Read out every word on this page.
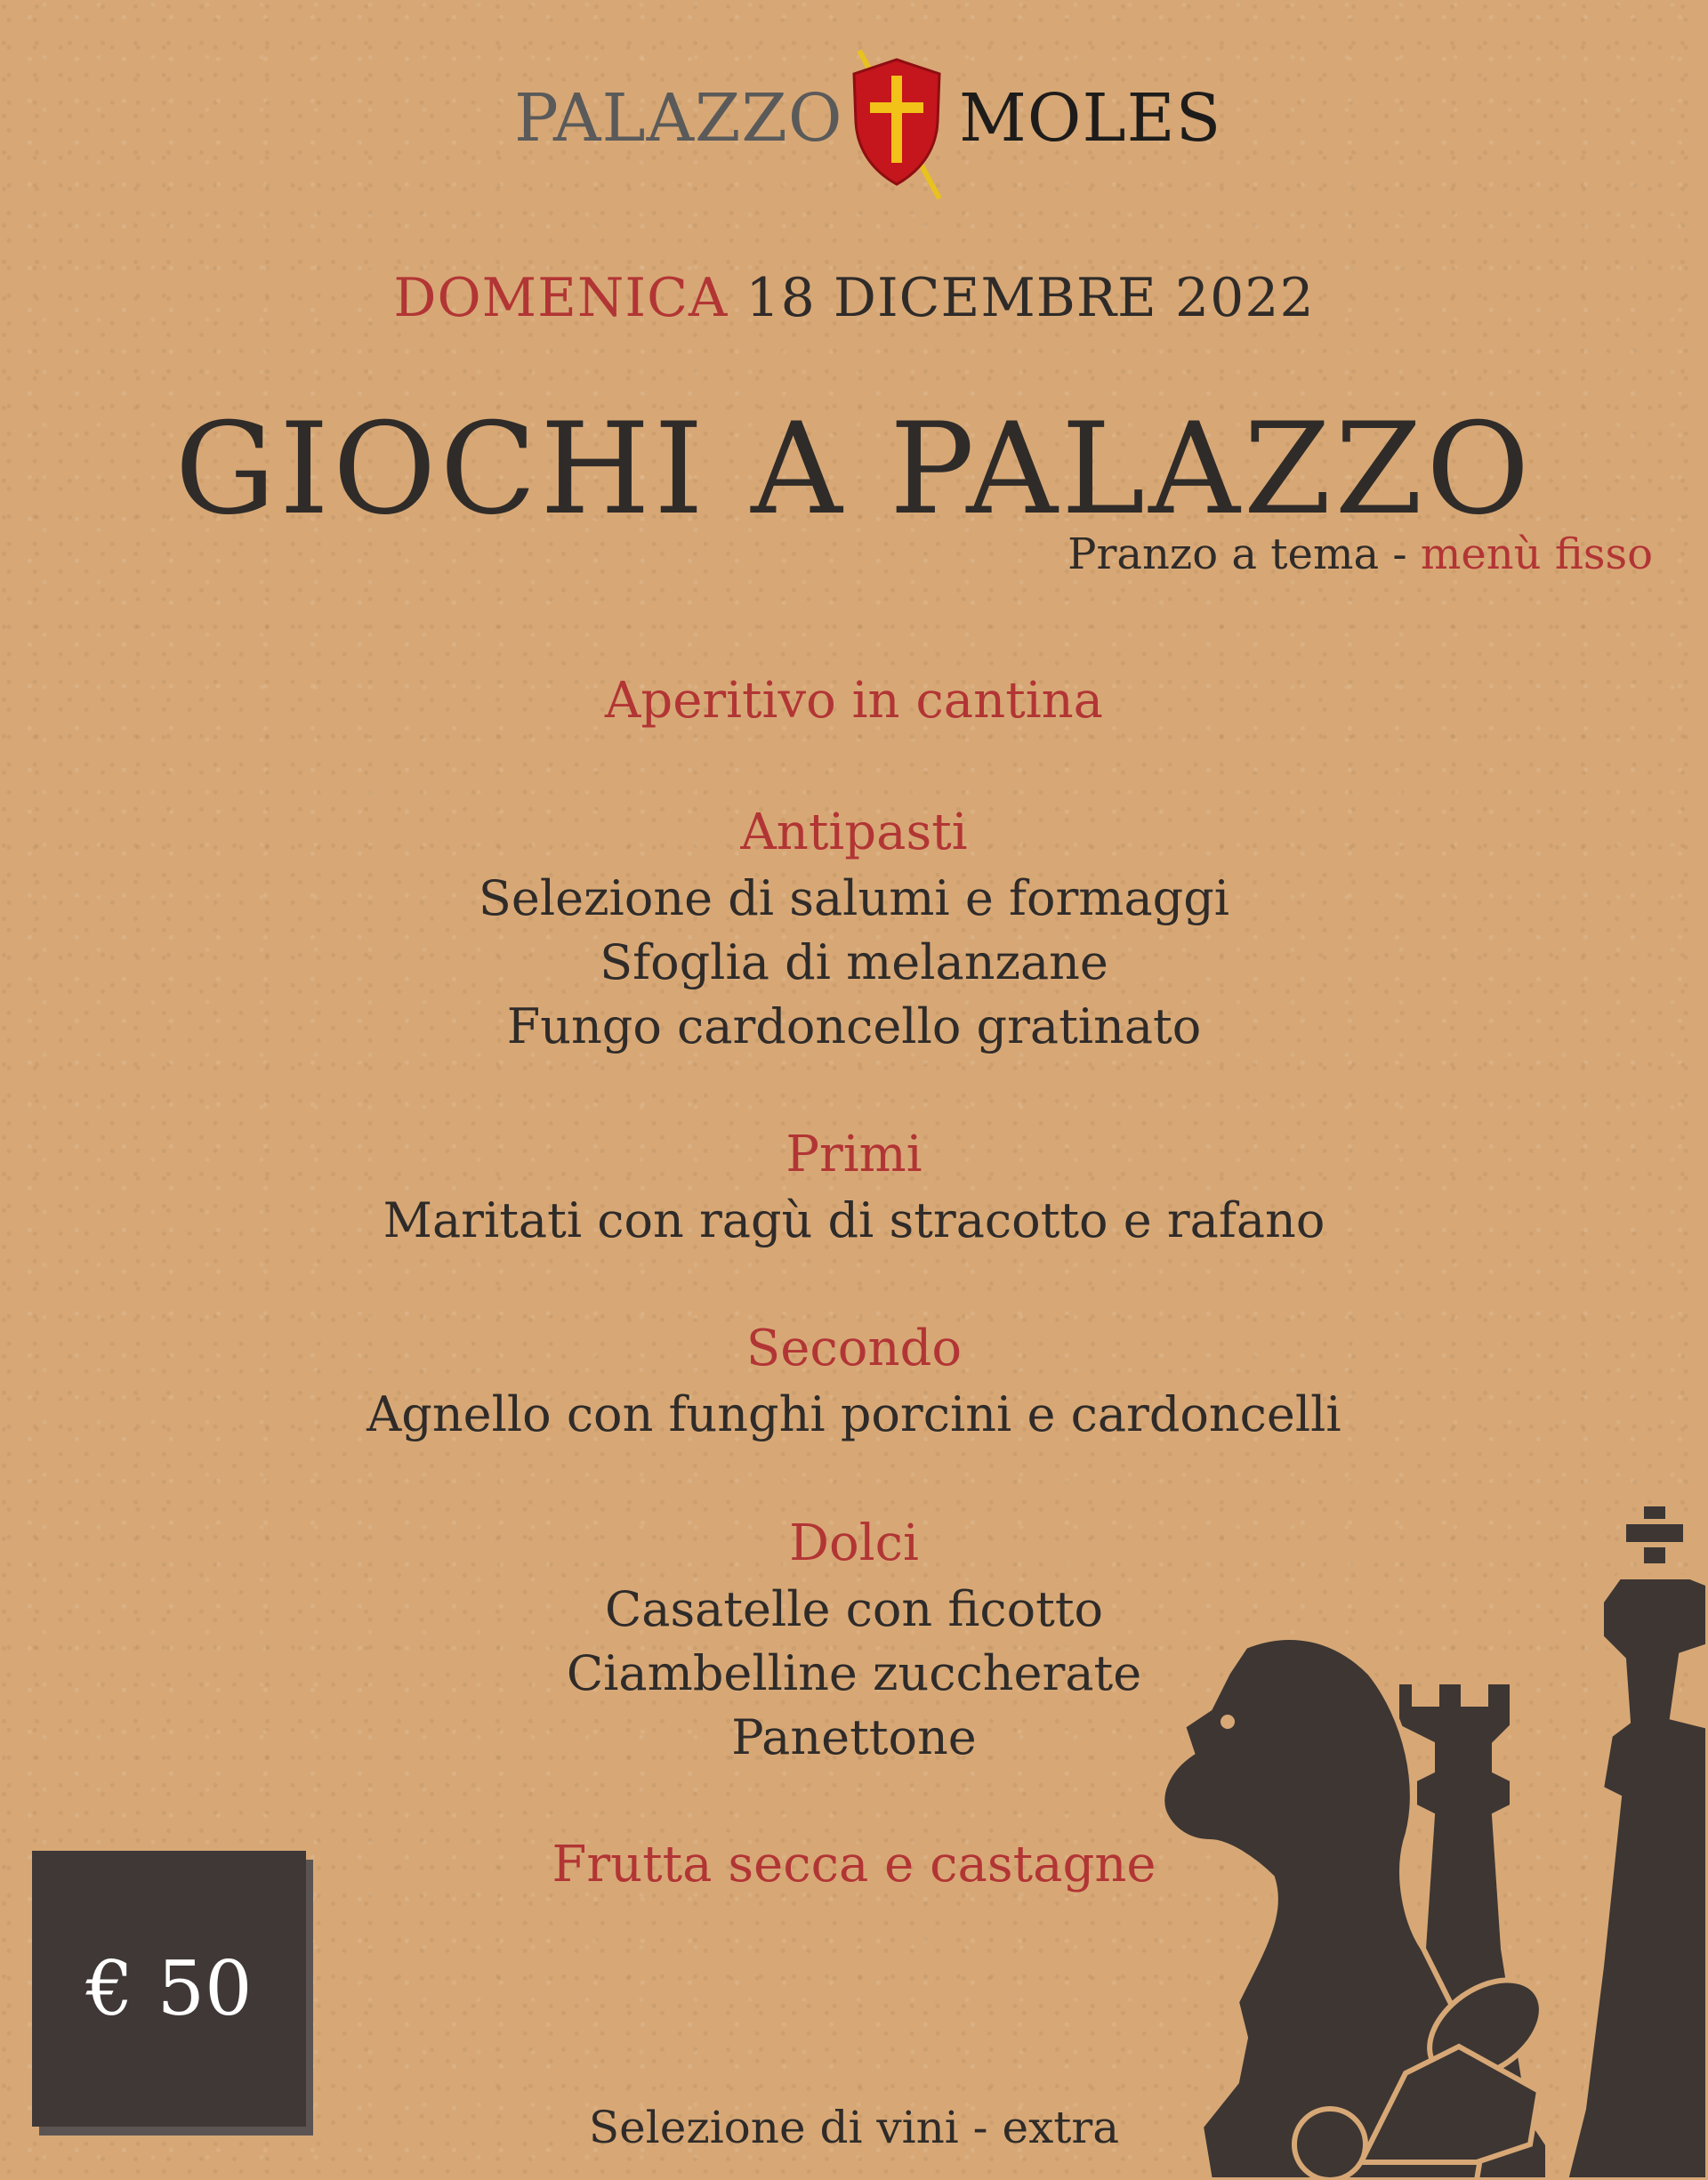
PALAZZO MOLES
DOMENICA 18 DICEMBRE 2022
GIOCHI A PALAZZO
Pranzo a tema - menù fisso
Aperitivo in cantina
Antipasti
Selezione di salumi e formaggi
Sfoglia di melanzane
Fungo cardoncello gratinato
Primi
Maritati con ragù di stracotto e rafano
Secondo
Agnello con funghi porcini e cardoncelli
Dolci
Casatelle con ficotto
Ciambelline zuccherate
Panettone
Frutta secca e castagne
€ 50
Selezione di vini - extra
